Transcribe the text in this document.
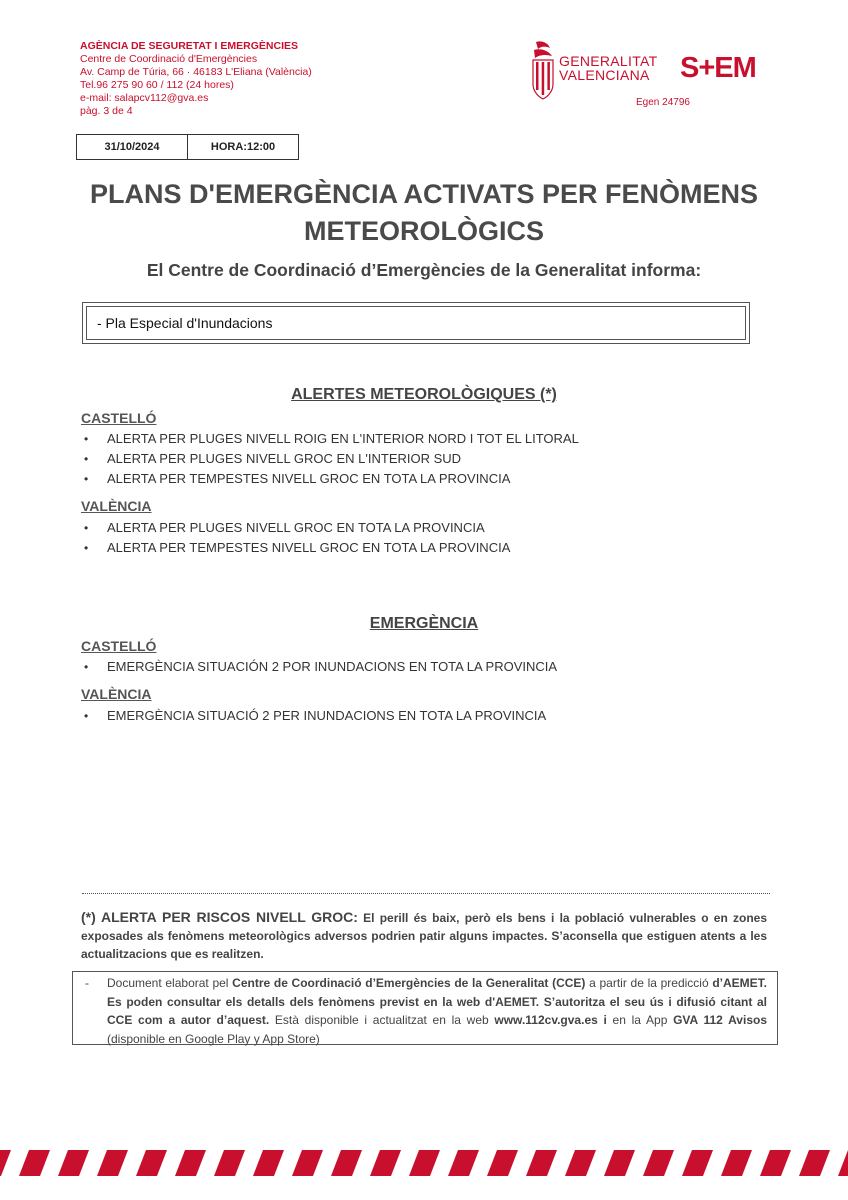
AGÈNCIA DE SEGURETAT I EMERGÈNCIES
Centre de Coordinació d'Emergències
Av. Camp de Túria, 66 · 46183 L'Eliana (València)
Tel.96 275 90 60 / 112 (24 hores)
e-mail: salapcv112@gva.es
pàg. 3 de 4
GENERALITAT
VALENCIANA S+EM
Egen 24796
31/10/2024	HORA:12:00
PLANS D'EMERGÈNCIA ACTIVATS PER FENÒMENS
METEOROLÒGICS
El Centre de Coordinació d’Emergències de la Generalitat informa:
- Pla Especial d'Inundacions
ALERTES METEOROLÒGIQUES (*)
CASTELLÓ
• ALERTA PER PLUGES NIVELL ROIG EN L'INTERIOR NORD I TOT EL LITORAL
• ALERTA PER PLUGES NIVELL GROC EN L'INTERIOR SUD
• ALERTA PER TEMPESTES NIVELL GROC EN TOTA LA PROVINCIA
VALÈNCIA
• ALERTA PER PLUGES NIVELL GROC EN TOTA LA PROVINCIA
• ALERTA PER TEMPESTES NIVELL GROC EN TOTA LA PROVINCIA
EMERGÈNCIA
CASTELLÓ
• EMERGÈNCIA SITUACIÓN 2 POR INUNDACIONS EN TOTA LA PROVINCIA
VALÈNCIA
• EMERGÈNCIA SITUACIÓ 2 PER INUNDACIONS EN TOTA LA PROVINCIA
(*) ALERTA PER RISCOS NIVELL GROC: El perill és baix, però els bens i la població vulnerables o en zones exposades als fenòmens meteorològics adversos podrien patir alguns impactes. S’aconsella que estiguen atents a les actualitzacions que es realitzen.
- Document elaborat pel Centre de Coordinació d’Emergències de la Generalitat (CCE) a partir de la predicció d’AEMET. Es poden consultar els detalls dels fenòmens previst en la web d'AEMET. S’autoritza el seu ús i difusió citant al CCE com a autor d’aquest. Està disponible i actualitzat en la web www.112cv.gva.es i en la App GVA 112 Avisos (disponible en Google Play y App Store)
